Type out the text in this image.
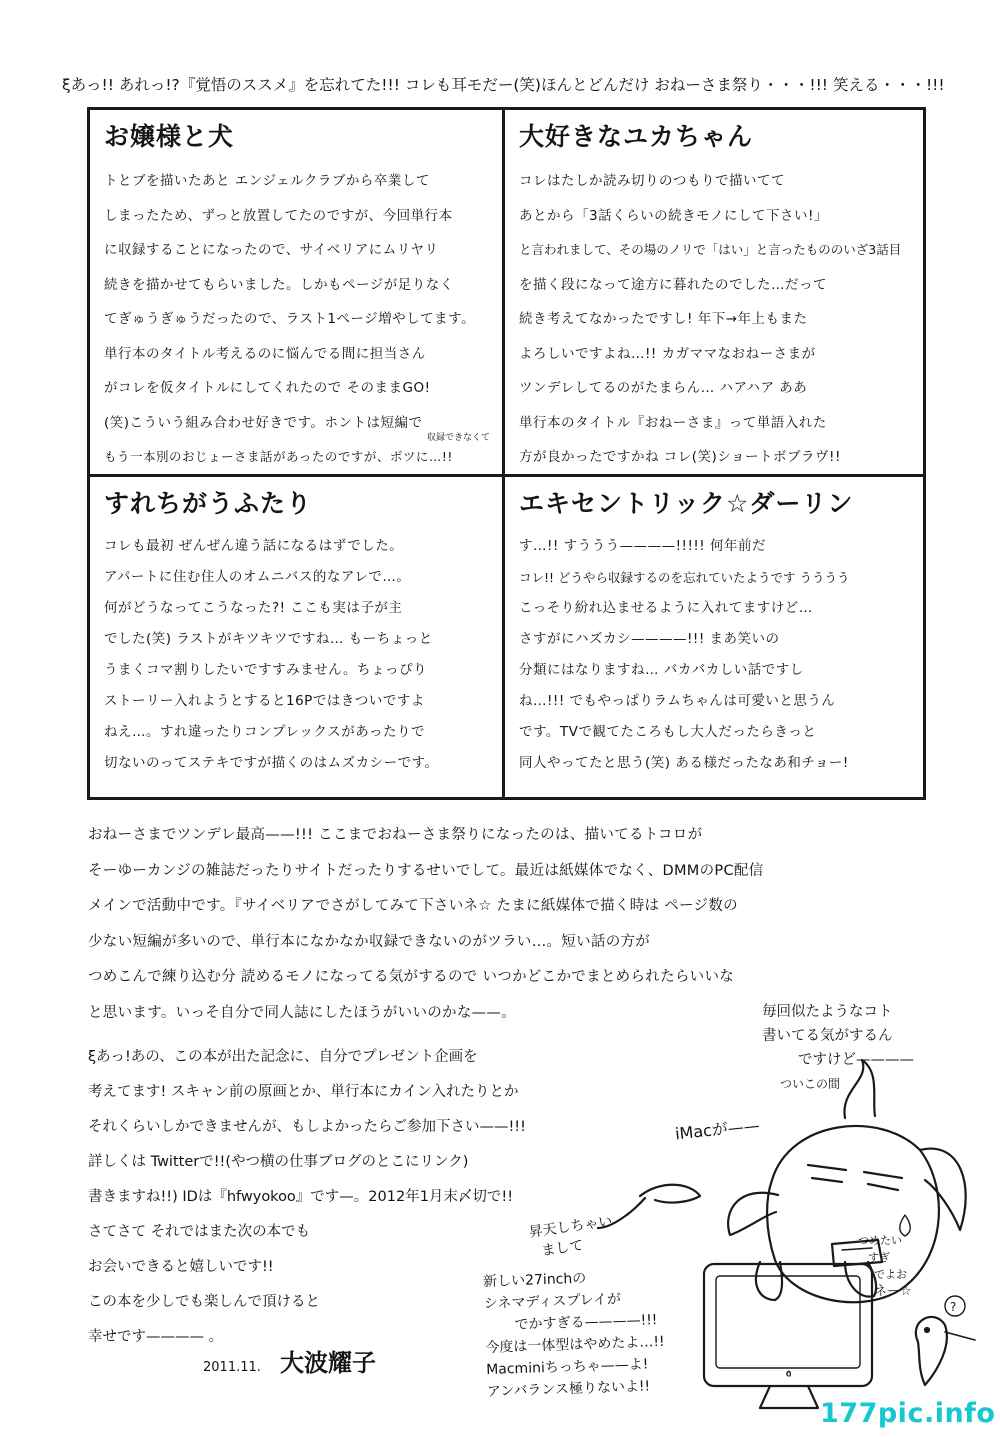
ξあっ!! あれっ!?『覚悟のススメ』を忘れてた!!! コレも耳モだー(笑)ほんとどんだけ おねーさま祭り・・・!!! 笑える・・・!!!
お嬢様と犬
トとブを描いたあと エンジェルクラブから卒業して
しまったため、ずっと放置してたのですが、今回単行本
に収録することになったので、サイベリアにムリヤリ
続きを描かせてもらいました。しかもページが足りなく
てぎゅうぎゅうだったので、ラスト1ページ増やしてます。
単行本のタイトル考えるのに悩んでる間に担当さん
がコレを仮タイトルにしてくれたので そのままGO!
(笑)こういう組み合わせ好きです。ホントは短編で
もう一本別のおじょーさま話があったのですが、ボツに…!!
収録できなくて
大好きなユカちゃん
コレはたしか読み切りのつもりで描いてて
あとから「3話くらいの続きモノにして下さい!」
と言われまして、その場のノリで「はい」と言ったもののいざ3話目
を描く段になって途方に暮れたのでした…だって
続き考えてなかったですし! 年下→年上もまた
よろしいですよね…!! カガママなおねーさまが
ツンデレしてるのがたまらん… ハアハア ああ
単行本のタイトル『おねーさま』って単語入れた
方が良かったですかね コレ(笑)ショートボブラヴ!!
すれちがうふたり
コレも最初 ぜんぜん違う話になるはずでした。
アパートに住む住人のオムニバス的なアレで…。
何がどうなってこうなった?! ここも実は子が主
でした(笑) ラストがキツキツですね… もーちょっと
うまくコマ割りしたいですすみません。ちょっぴり
ストーリー入れようとすると16Pではきついですよ
ねえ…。すれ違ったりコンプレックスがあったりで
切ないのってステキですが描くのはムズカシーです。
エキセントリック☆ダーリン
す…!! すううう————!!!!! 何年前だ
コレ!! どうやら収録するのを忘れていたようです うううう
こっそり紛れ込ませるように入れてますけど…
さすがにハズカシ————!!! まあ笑いの
分類にはなりますね… バカバカしい話ですし
ね…!!! でもやっぱりラムちゃんは可愛いと思うん
です。TVで観てたころもし大人だったらきっと
同人やってたと思う(笑) ある様だったなあ和チョー!
おねーさまでツンデレ最高——!!! ここまでおねーさま祭りになったのは、描いてるトコロが
そーゆーカンジの雑誌だったりサイトだったりするせいでして。最近は紙媒体でなく、DMMのPC配信
メインで活動中です。『サイベリアでさがしてみて下さいネ☆ たまに紙媒体で描く時は ページ数の
少ない短編が多いので、単行本になかなか収録できないのがツラい…。短い話の方が
つめこんで練り込む分 読めるモノになってる気がするので いつかどこかでまとめられたらいいな
と思います。いっそ自分で同人誌にしたほうがいいのかな——。
ξあっ!あの、この本が出た記念に、自分でプレゼント企画を
考えてます! スキャン前の原画とか、単行本にカイン入れたりとか
それくらいしかできませんが、もしよかったらご参加下さい——!!!
詳しくは Twitterで!!(やつ横の仕事ブログのとこにリンク)
書きますね!!) IDは『hfwyokoo』です—。2012年1月末〆切で!!
さてさて それではまた次の本でも
お会いできると嬉しいです!!
この本を少しでも楽しんで頂けると
幸せです———— 。
2011.11. 大波耀子
?
毎回似たようなコト
書いてる気がするん
ですけど————
ついこの間
iMacが——
昇天しちゃい
まして
新しい27inchの
シネマディスプレイが
でかすぎる————!!!
今度は一体型はやめたよ…!!
Macminiちっちゃ——よ!
アンバランス極りないよ!!
つめたい
すぎ
でよお
ネー☆
177pic.info
